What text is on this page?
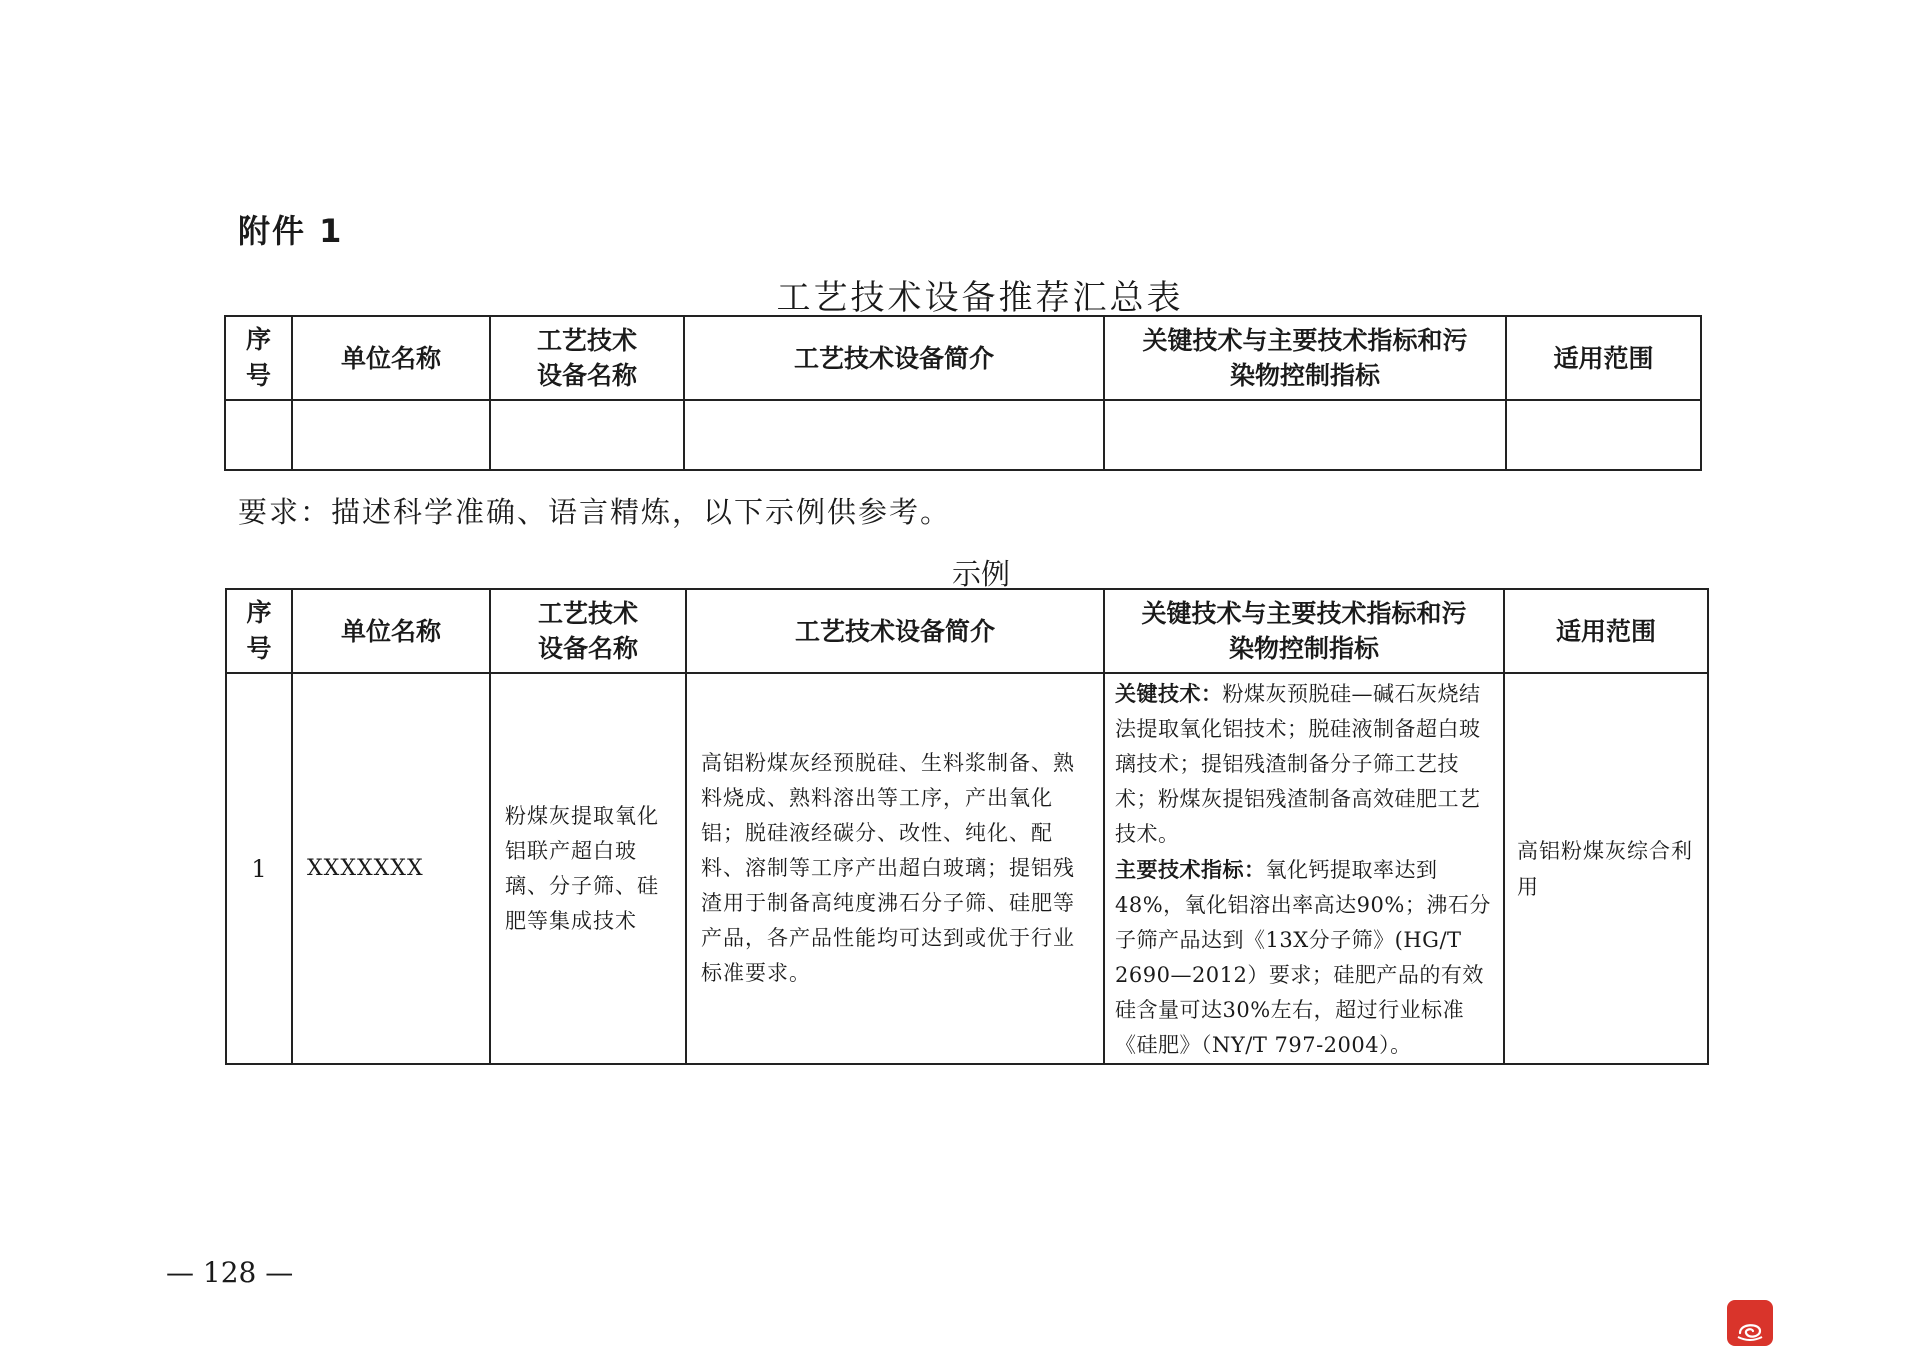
附件 1
工艺技术设备推荐汇总表
序号	单位名称	工艺技术设备名称	工艺技术设备简介	关键技术与主要技术指标和污染物控制指标	适用范围

要求：描述科学准确、语言精炼，以下示例供参考。
示例
序号	单位名称	工艺技术设备名称	工艺技术设备简介	关键技术与主要技术指标和污染物控制指标	适用范围
1	XXXXXXX	粉煤灰提取氧化铝联产超白玻璃、分子筛、硅肥等集成技术	高铝粉煤灰经预脱硅、生料浆制备、熟料烧成、熟料溶出等工序，产出氧化铝；脱硅液经碳分、改性、纯化、配料、溶制等工序产出超白玻璃；提铝残渣用于制备高纯度沸石分子筛、硅肥等产品，各产品性能均可达到或优于行业标准要求。	关键技术：粉煤灰预脱硅—碱石灰烧结法提取氧化铝技术；脱硅液制备超白玻璃技术；提铝残渣制备分子筛工艺技术；粉煤灰提铝残渣制备高效硅肥工艺技术。
主要技术指标：氧化钙提取率达到48%，氧化铝溶出率高达90%；沸石分子筛产品达到《13X分子筛》(HG/T 2690—2012）要求；硅肥产品的有效硅含量可达30%左右，超过行业标准《硅肥》（NY/T 797-2004）。	高铝粉煤灰综合利用
— 128 —
